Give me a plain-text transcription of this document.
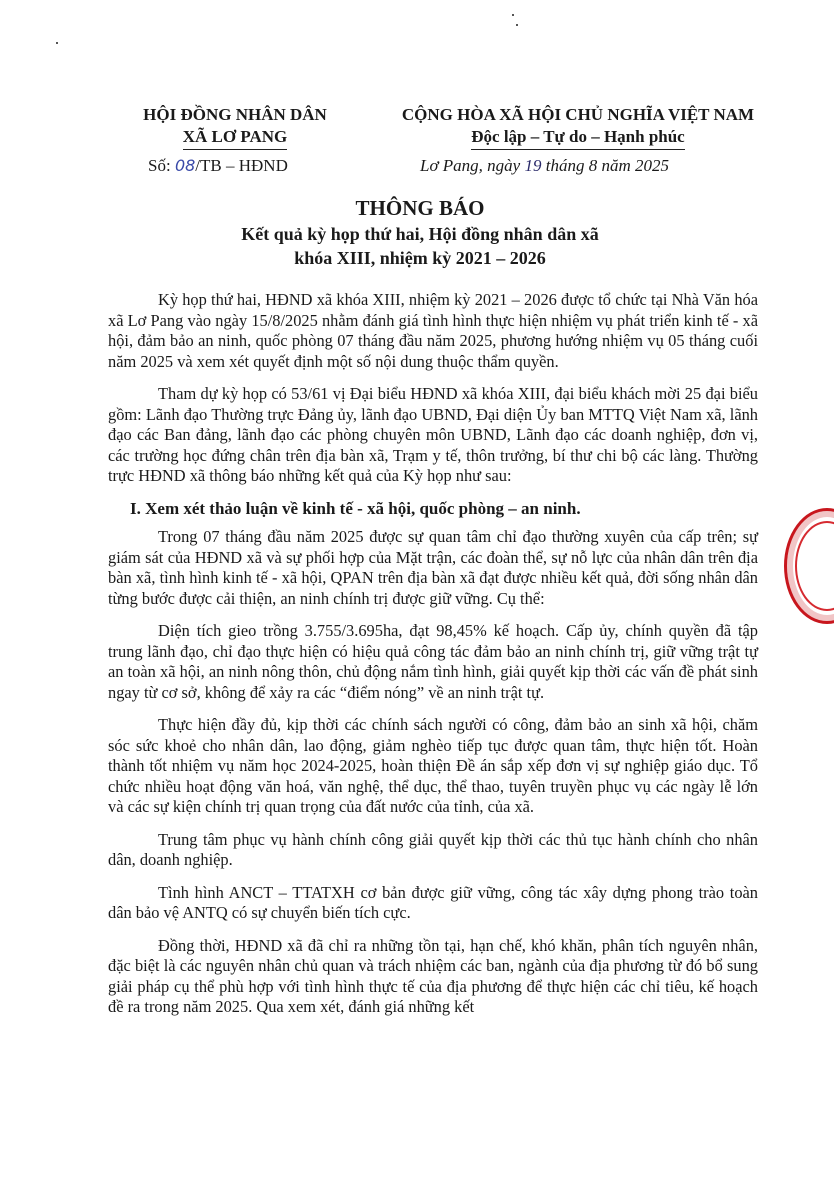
HỘI ĐỒNG NHÂN DÂN
XÃ LƠ PANG
CỘNG HÒA XÃ HỘI CHỦ NGHĨA VIỆT NAM
Độc lập – Tự do – Hạnh phúc
Số: 08/TB – HĐND	Lơ Pang, ngày 19 tháng 8 năm 2025
THÔNG BÁO
Kết quả kỳ họp thứ hai, Hội đồng nhân dân xã
khóa XIII, nhiệm kỳ 2021 – 2026

Kỳ họp thứ hai, HĐND xã khóa XIII, nhiệm kỳ 2021 – 2026 được tổ chức tại Nhà Văn hóa xã Lơ Pang vào ngày 15/8/2025 nhằm đánh giá tình hình thực hiện nhiệm vụ phát triển kinh tế - xã hội, đảm bảo an ninh, quốc phòng 07 tháng đầu năm 2025, phương hướng nhiệm vụ 05 tháng cuối năm 2025 và xem xét quyết định một số nội dung thuộc thẩm quyền.

Tham dự kỳ họp có 53/61 vị Đại biểu HĐND xã khóa XIII, đại biểu khách mời 25 đại biểu gồm: Lãnh đạo Thường trực Đảng ủy, lãnh đạo UBND, Đại diện Ủy ban MTTQ Việt Nam xã, lãnh đạo các Ban đảng, lãnh đạo các phòng chuyên môn UBND, Lãnh đạo các doanh nghiệp, đơn vị, các trường học đứng chân trên địa bàn xã, Trạm y tế, thôn trưởng, bí thư chi bộ các làng. Thường trực HĐND xã thông báo những kết quả của Kỳ họp như sau:

I. Xem xét thảo luận về kinh tế - xã hội, quốc phòng – an ninh.

Trong 07 tháng đầu năm 2025 được sự quan tâm chỉ đạo thường xuyên của cấp trên; sự giám sát của HĐND xã và sự phối hợp của Mặt trận, các đoàn thể, sự nỗ lực của nhân dân trên địa bàn xã, tình hình kinh tế - xã hội, QPAN trên địa bàn xã đạt được nhiều kết quả, đời sống nhân dân từng bước được cải thiện, an ninh chính trị được giữ vững. Cụ thể:

Diện tích gieo trồng 3.755/3.695ha, đạt 98,45% kế hoạch. Cấp ủy, chính quyền đã tập trung lãnh đạo, chỉ đạo thực hiện có hiệu quả công tác đảm bảo an ninh chính trị, giữ vững trật tự an toàn xã hội, an ninh nông thôn, chủ động nắm tình hình, giải quyết kịp thời các vấn đề phát sinh ngay từ cơ sở, không để xảy ra các “điểm nóng” về an ninh trật tự.

Thực hiện đầy đủ, kịp thời các chính sách người có công, đảm bảo an sinh xã hội, chăm sóc sức khoẻ cho nhân dân, lao động, giảm nghèo tiếp tục được quan tâm, thực hiện tốt. Hoàn thành tốt nhiệm vụ năm học 2024-2025, hoàn thiện Đề án sắp xếp đơn vị sự nghiệp giáo dục. Tổ chức nhiều hoạt động văn hoá, văn nghệ, thể dục, thể thao, tuyên truyền phục vụ các ngày lễ lớn và các sự kiện chính trị quan trọng của đất nước của tỉnh, của xã.

Trung tâm phục vụ hành chính công giải quyết kịp thời các thủ tục hành chính cho nhân dân, doanh nghiệp.

Tình hình ANCT – TTATXH cơ bản được giữ vững, công tác xây dựng phong trào toàn dân bảo vệ ANTQ có sự chuyển biến tích cực.

Đồng thời, HĐND xã đã chỉ ra những tồn tại, hạn chế, khó khăn, phân tích nguyên nhân, đặc biệt là các nguyên nhân chủ quan và trách nhiệm các ban, ngành của địa phương từ đó bổ sung giải pháp cụ thể phù hợp với tình hình thực tế của địa phương để thực hiện các chỉ tiêu, kế hoạch đề ra trong năm 2025. Qua xem xét, đánh giá những kết
